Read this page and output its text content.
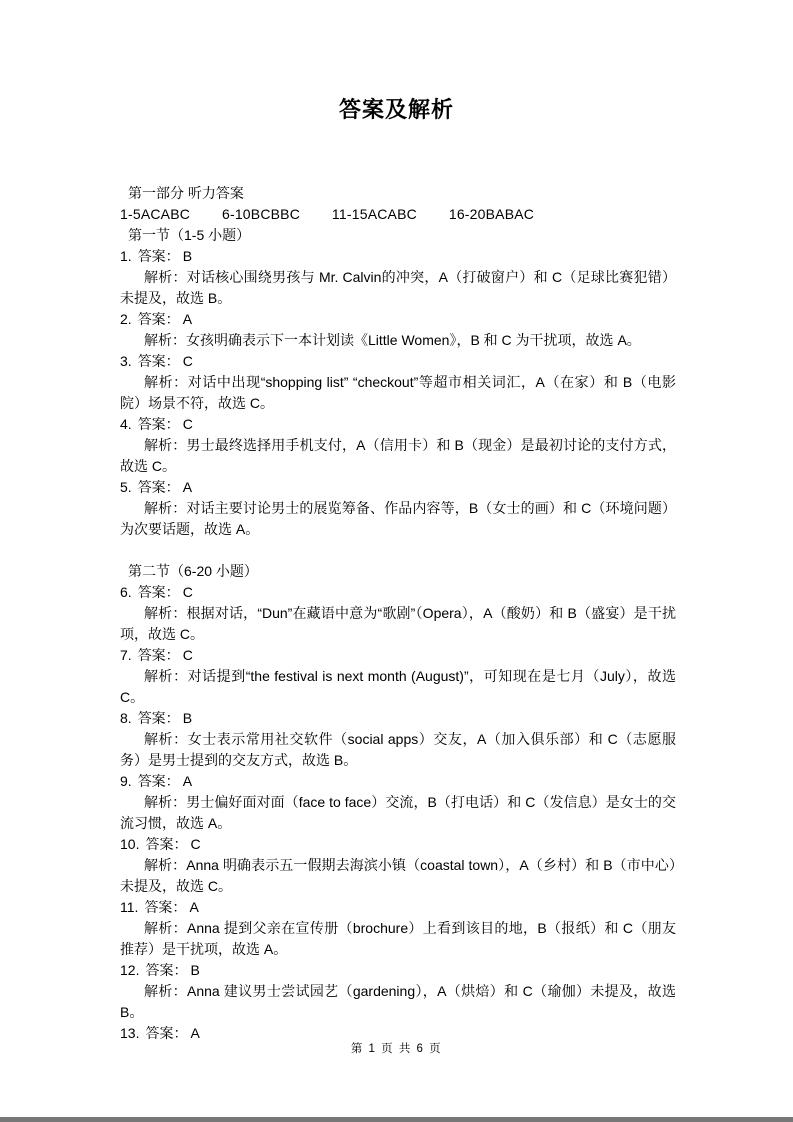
答案及解析

第一部分 听力答案

1-5ACABC 6-10BCBBC 11-15ACABC 16-20BABAC

第一节（1-5 小题）

1. 答案： B

解析：对话核心围绕男孩与 Mr. Calvin的冲突，A（打破窗户）和 C（足球比赛犯错）未提及，故选 B。

2. 答案： A

解析：女孩明确表示下一本计划读《Little Women》，B 和 C 为干扰项，故选 A。

3. 答案： C

解析：对话中出现“shopping list” “checkout”等超市相关词汇，A（在家）和 B（电影院）场景不符，故选 C。

4. 答案： C

解析：男士最终选择用手机支付，A（信用卡）和 B（现金）是最初讨论的支付方式，故选 C。

5. 答案： A

解析：对话主要讨论男士的展览筹备、作品内容等，B（女士的画）和 C（环境问题）为次要话题，故选 A。

第二节（6-20 小题）

6. 答案： C

解析：根据对话，“Dun”在藏语中意为“歌剧”（Opera），A（酸奶）和 B（盛宴）是干扰项，故选 C。

7. 答案： C

解析：对话提到“the festival is next month (August)”，可知现在是七月（July），故选 C。

8. 答案： B

解析：女士表示常用社交软件（social apps）交友，A（加入俱乐部）和 C（志愿服务）是男士提到的交友方式，故选 B。

9. 答案： A

解析：男士偏好面对面（face to face）交流，B（打电话）和 C（发信息）是女士的交流习惯，故选 A。

10. 答案： C

解析：Anna 明确表示五一假期去海滨小镇（coastal town），A（乡村）和 B（市中心）未提及，故选 C。

11. 答案： A

解析：Anna 提到父亲在宣传册（brochure）上看到该目的地，B（报纸）和 C（朋友推荐）是干扰项，故选 A。

12. 答案： B

解析：Anna 建议男士尝试园艺（gardening），A（烘焙）和 C（瑜伽）未提及，故选 B。

13. 答案： A

第 1 页 共 6 页
